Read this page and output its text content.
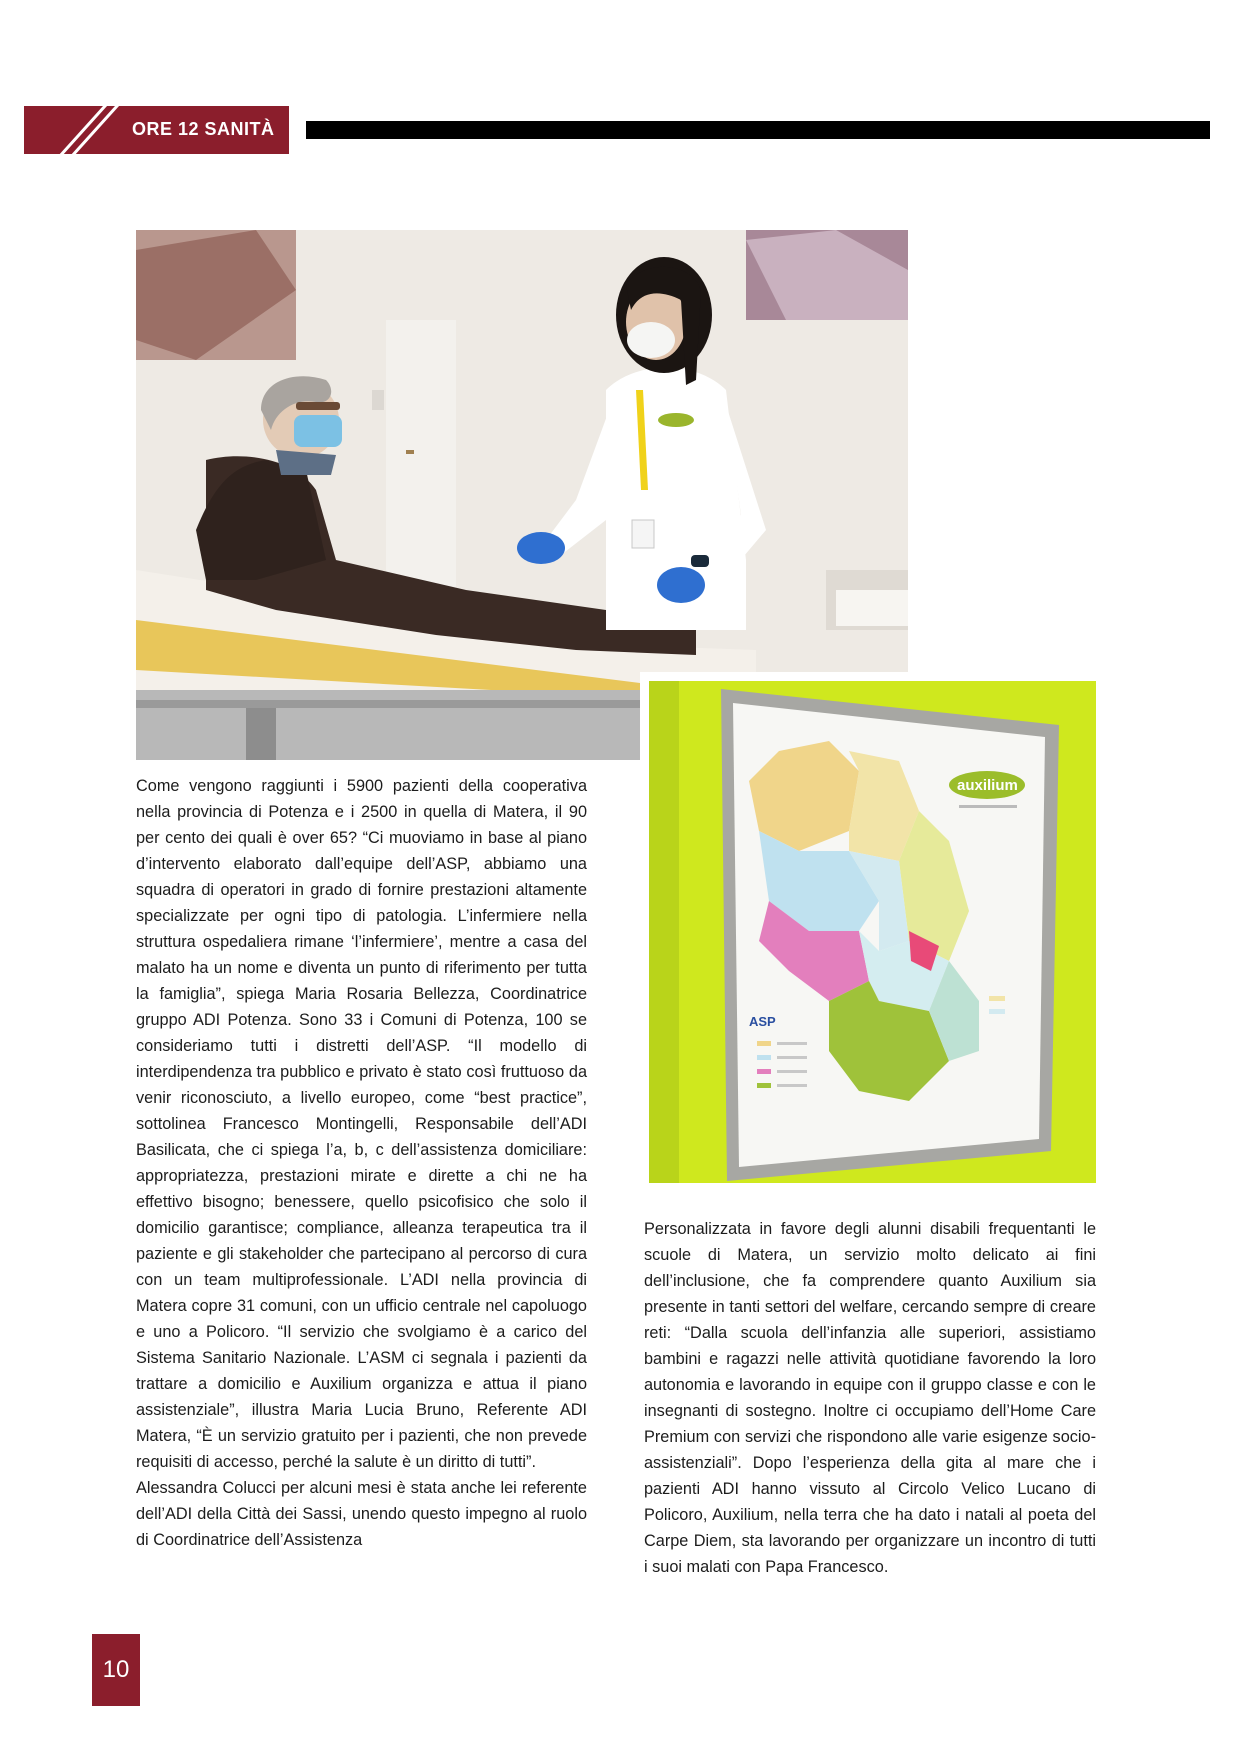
ORE 12 SANITÀ
auxilium
ASP

Come vengono raggiunti i 5900 pazienti della cooperativa nella provincia di Potenza e i 2500 in quella di Matera, il 90 per cento dei quali è over 65? “Ci muoviamo in base al piano d’intervento elaborato dall’equipe dell’ASP, abbiamo una squadra di operatori in grado di fornire prestazioni altamente specializzate per ogni tipo di patologia. L’infermiere nella struttura ospedaliera rimane ‘l’infermiere’, mentre a casa del malato ha un nome e diventa un punto di riferimento per tutta la famiglia”, spiega Maria Rosaria Bellezza, Coordinatrice gruppo ADI Potenza. Sono 33 i Comuni di Potenza, 100 se consideriamo tutti i distretti dell’ASP. “Il modello di interdipendenza tra pubblico e privato è stato così fruttuoso da venir riconosciuto, a livello europeo, come “best practice”, sottolinea Francesco Montingelli, Responsabile dell’ADI Basilicata, che ci spiega l’a, b, c dell’assistenza domiciliare: appropriatezza, prestazioni mirate e dirette a chi ne ha effettivo bisogno; benessere, quello psicofisico che solo il domicilio garantisce; compliance, alleanza terapeutica tra il paziente e gli stakeholder che partecipano al percorso di cura con un team multiprofessionale. L’ADI nella provincia di Matera copre 31 comuni, con un ufficio centrale nel capoluogo e uno a Policoro. “Il servizio che svolgiamo è a carico del Sistema Sanitario Nazionale. L’ASM ci segnala i pazienti da trattare a domicilio e Auxilium organizza e attua il piano assistenziale”, illustra Maria Lucia Bruno, Referente ADI Matera, “È un servizio gratuito per i pazienti, che non prevede requisiti di accesso, perché la salute è un diritto di tutti”.

Alessandra Colucci per alcuni mesi è stata anche lei referente dell’ADI della Città dei Sassi, unendo questo impegno al ruolo di Coordinatrice dell’Assistenza

Personalizzata in favore degli alunni disabili frequentanti le scuole di Matera, un servizio molto delicato ai fini dell’inclusione, che fa comprendere quanto Auxilium sia presente in tanti settori del welfare, cercando sempre di creare reti: “Dalla scuola dell’infanzia alle superiori, assistiamo bambini e ragazzi nelle attività quotidiane favorendo la loro autonomia e lavorando in equipe con il gruppo classe e con le insegnanti di sostegno. Inoltre ci occupiamo dell’Home Care Premium con servizi che rispondono alle varie esigenze socio-assistenziali”. Dopo l’esperienza della gita al mare che i pazienti ADI hanno vissuto al Circolo Velico Lucano di Policoro, Auxilium, nella terra che ha dato i natali al poeta del Carpe Diem, sta lavorando per organizzare un incontro di tutti i suoi malati con Papa Francesco.

10
